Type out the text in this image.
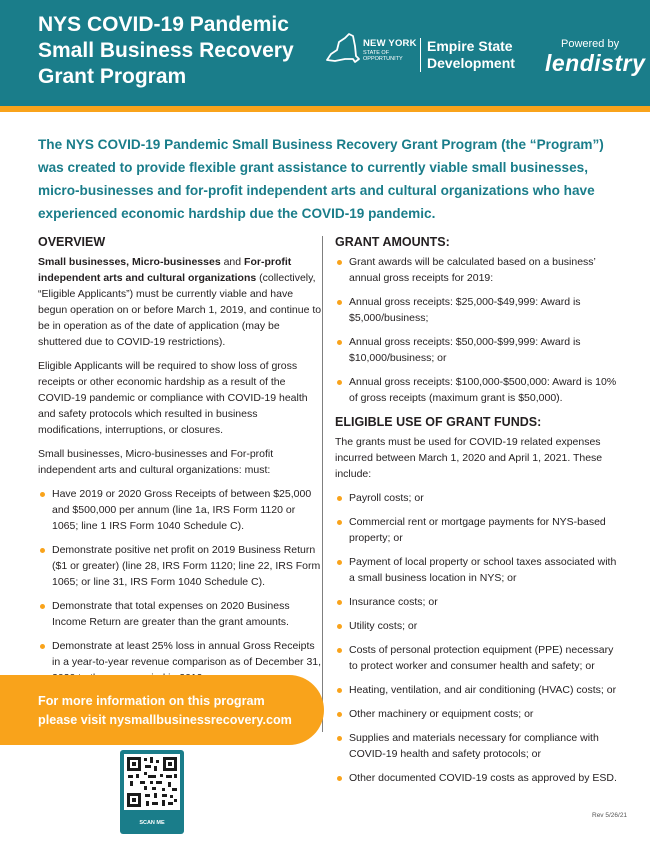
NYS COVID-19 Pandemic
Small Business Recovery
Grant Program
NEW YORK
STATE OF
OPPORTUNITY
Empire State
Development
Powered by
lendistry
The NYS COVID-19 Pandemic Small Business Recovery Grant Program (the “Program”) was created to provide flexible grant assistance to currently viable small businesses, micro-businesses and for-profit independent arts and cultural organizations who have experienced economic hardship due the COVID-19 pandemic.
OVERVIEW

Small businesses, Micro-businesses and For-profit independent arts and cultural organizations (collectively, “Eligible Applicants”) must be currently viable and have begun operation on or before March 1, 2019, and continue to be in operation as of the date of application (may be shuttered due to COVID-19 restrictions).

Eligible Applicants will be required to show loss of gross receipts or other economic hardship as a result of the COVID-19 pandemic or compliance with COVID-19 health and safety protocols which resulted in business modifications, interruptions, or closures.

Small businesses, Micro-businesses and For-profit independent arts and cultural organizations: must:

Have 2019 or 2020 Gross Receipts of between $25,000 and $500,000 per annum (line 1a, IRS Form 1120 or 1065; line 1 IRS Form 1040 Schedule C).
Demonstrate positive net profit on 2019 Business Return ($1 or greater) (line 28, IRS Form 1120; line 22, IRS Form 1065; or line 31, IRS Form 1040 Schedule C).
Demonstrate that total expenses on 2020 Business Income Return are greater than the grant amounts.
Demonstrate at least 25% loss in annual Gross Receipts in a year-to-year revenue comparison as of December 31,
GRANT AMOUNTS:
Grant awards will be calculated based on a business’ annual gross receipts for 2019:
Annual gross receipts: $25,000-$49,999: Award is $5,000/business;
Annual gross receipts: $50,000-$99,999: Award is $10,000/business; or
Annual gross receipts: $100,000-$500,000: Award is 10% of gross receipts (maximum grant is $50,000).
ELIGIBLE USE OF GRANT FUNDS:

The grants must be used for COVID-19 related expenses incurred between March 1, 2020 and April 1, 2021. These include:

Payroll costs; or
Commercial rent or mortgage payments for NYS-based property; or
Payment of local property or school taxes associated with a small business location in NYS; or
Insurance costs; or
Utility costs; or
Costs of personal protection equipment (PPE) necessary to protect worker and consumer health and safety; or
Heating, ventilation, and air conditioning (HVAC) costs; or
Other machinery or equipment costs; or
Supplies and materials necessary for compliance with COVID-19 health and safety protocols; or
Other documented COVID-19 costs as approved by ESD.
For more information on this program
please visit nysmallbusinessrecovery.com
SCAN ME
Rev 5/26/21
